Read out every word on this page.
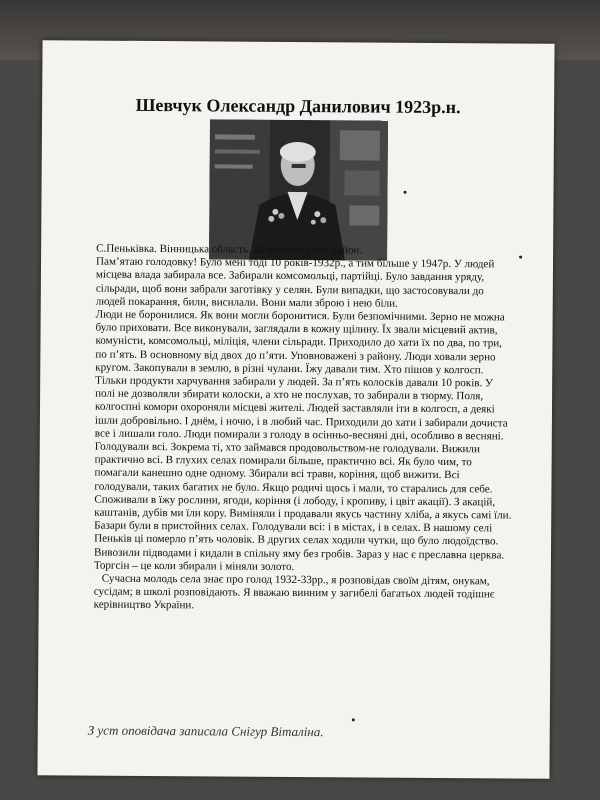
Шевчук Олександр Данилович 1923р.н.

С.Пеньківка. Вінницька область. Шаргородський район.

Пам’ятаю голодовку! Було мені тоді 10 років-1932р., а тим більше у 1947р. У людей місцева влада забирала все. Забирали комсомольці, партійці. Було завдання уряду, сільради, щоб вони забрали заготівку у селян. Були випадки, що застосовували до людей покарання, били, висилали. Вони мали зброю і нею біли.

Люди не боронилися. Як вони могли боронитися. Були безпомічними. Зерно не можна було приховати. Все виконували, заглядали в кожну щілину. Їх звали місцевий актив, комуністи, комсомольці, міліція, члени сільради. Приходило до хати їх по два, по три, по п’ять. В основному від двох до п’яти. Уповноважені з району. Люди ховали зерно кругом. Закопували в землю, в різні чулани. Їжу давали тим. Хто пішов у колгосп. Тільки продукти харчування забирали у людей. За п’ять колосків давали 10 років. У полі не дозволяли збирати колоски, а хто не послухав, то забирали в тюрму. Поля, колгоспні комори охороняли місцеві жителі. Людей заставляли іти в колгосп, а деякі ішли добровільно. І днём, і ночю, і в любий час. Приходили до хати і забирали дочиста все і лишали голо. Люди помирали з голоду в осінньо-весняні дні, особливо в весняні. Голодували всі. Зокрема ті, хто займався продовольством-не голодували. Вижили практично всі. В глухих селах помирали більше, практично всі. Як було чим, то помагали канешно одне одному. Збирали всі трави, коріння, щоб вижити. Всі голодували, таких багатих не було. Якщо родичі щось і мали, то старались для себе. Споживали в їжу рослини, ягоди, коріння (і лободу, і кропиву, і цвіт акації). З акацій, каштанів, дубів ми їли кору. Виміняли і продавали якусь частину хліба, а якусь самі їли. Базари були в пристойних селах. Голодували всі: і в містах, і в селах. В нашому селі Пеньків ці померло п’ять чоловік. В других селах ходили чутки, що було людоїдство. Вивозили підводами і кидали в спільну яму без гробів. Зараз у нас є преславна церква. Торгсін – це коли збирали і міняли золото.

Сучасна молодь села знає про голод 1932-33рр., я розповідав своїм дітям, онукам, сусідам; в школі розповідають. Я вважаю винним у загибелі багатьох людей тодішнє керівництво України.

З уст оповідача записала Снігур Віталіна.
